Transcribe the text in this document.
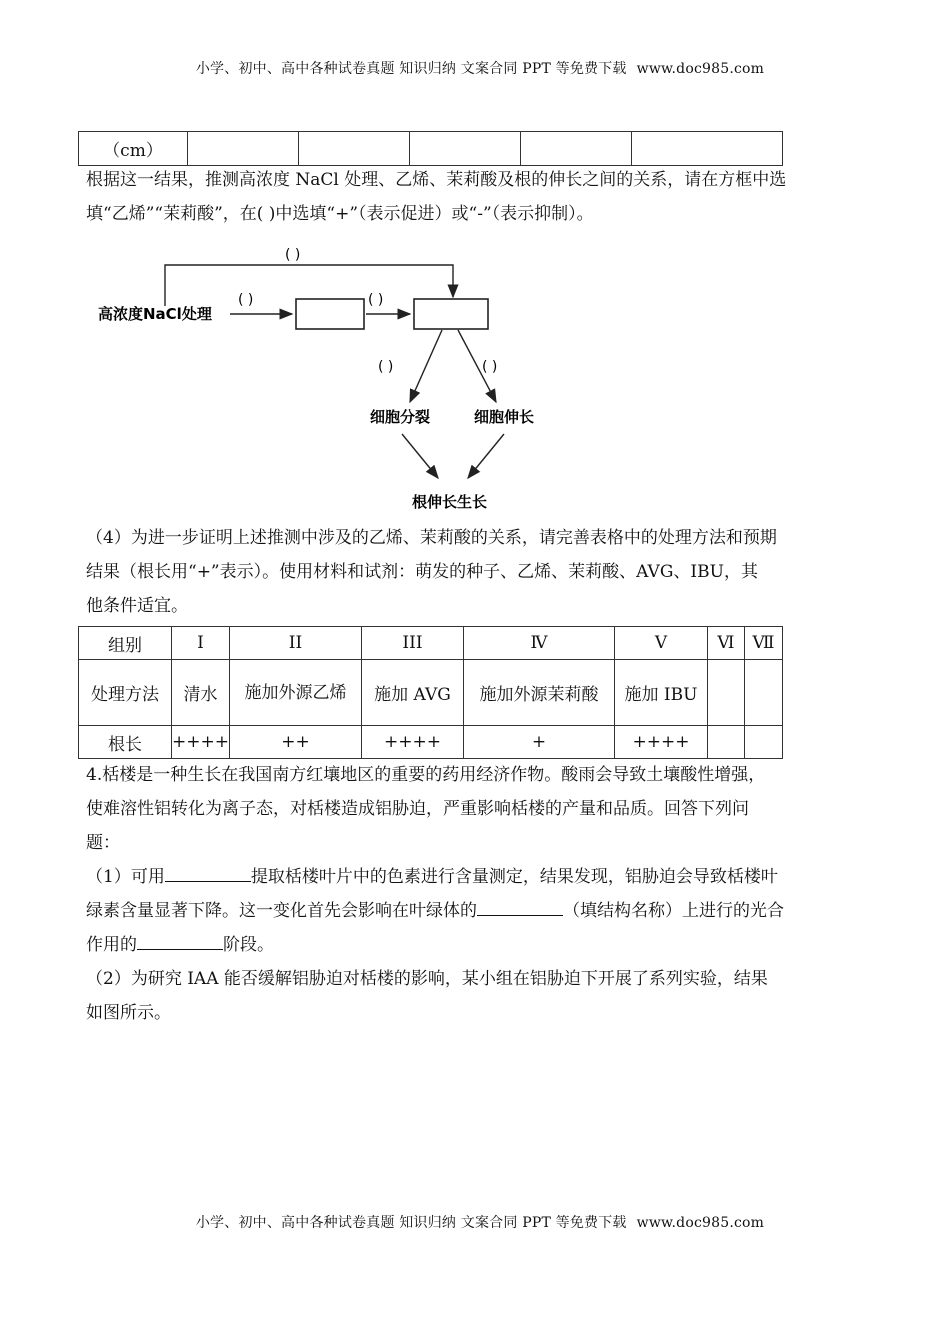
小学、初中、高中各种试卷真题 知识归纳 文案合同 PPT 等免费下载 www.doc985.com
（cm）					
根据这一结果，推测高浓度 NaCl 处理、乙烯、茉莉酸及根的伸长之间的关系，请在方框中选
填“乙烯”“茉莉酸”，在( )中选填“+”（表示促进）或“-”（表示抑制）。
( )
高浓度NaCl处理
( )	( )
( )	( )
细胞分裂	细胞伸长
根伸长生长
（4）为进一步证明上述推测中涉及的乙烯、茉莉酸的关系，请完善表格中的处理方法和预期
结果（根长用“+”表示）。使用材料和试剂：萌发的种子、乙烯、茉莉酸、AVG、IBU，其
他条件适宜。
组别	I	II	III	Ⅳ	V	Ⅵ	Ⅶ
处理方法	清水	施加外源乙烯	施加 AVG	施加外源茉莉酸	施加 IBU		
根长	++++	++	++++	+	++++		
4.栝楼是一种生长在我国南方红壤地区的重要的药用经济作物。酸雨会导致土壤酸性增强，
使难溶性铝转化为离子态，对栝楼造成铝胁迫，严重影响栝楼的产量和品质。回答下列问
题：
（1）可用	提取栝楼叶片中的色素进行含量测定，结果发现，铝胁迫会导致栝楼叶
绿素含量显著下降。这一变化首先会影响在叶绿体的	（填结构名称）上进行的光合
作用的	阶段。
（2）为研究 IAA 能否缓解铝胁迫对栝楼的影响，某小组在铝胁迫下开展了系列实验，结果
如图所示。
小学、初中、高中各种试卷真题 知识归纳 文案合同 PPT 等免费下载 www.doc985.com
